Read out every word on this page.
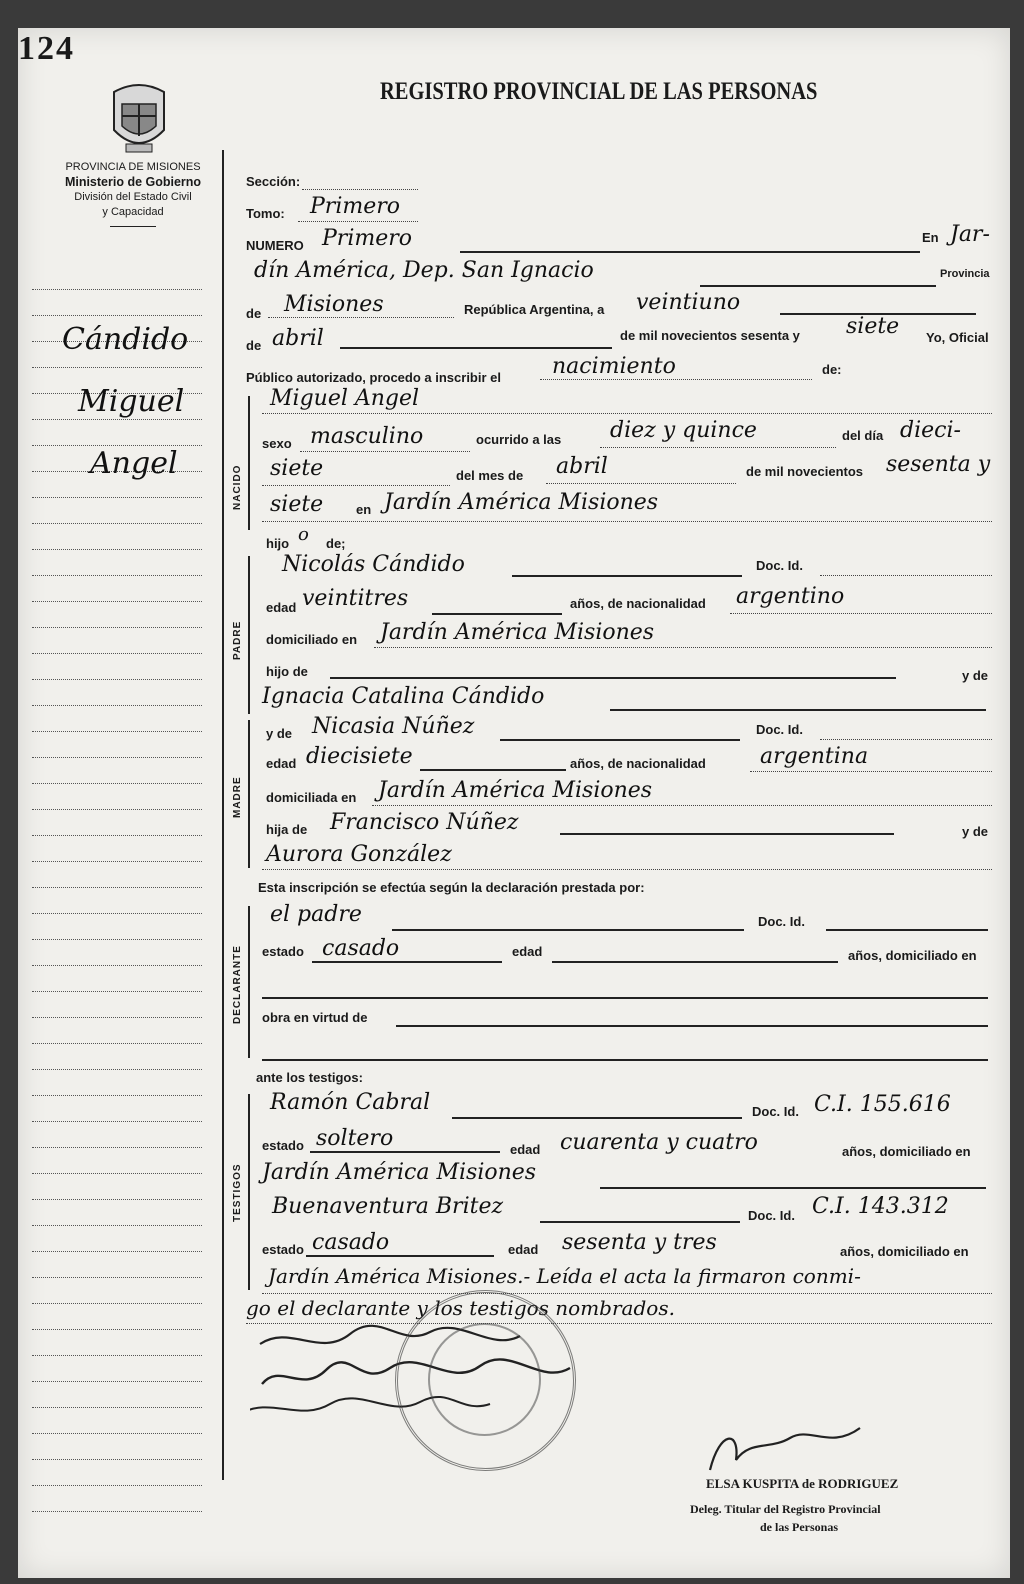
124
REGISTRO PROVINCIAL DE LAS PERSONAS
PROVINCIA DE MISIONES
Ministerio de Gobierno
División del Estado Civil
y Capacidad
Cándido
Miguel
Angel
Sección:
Tomo: Primero
NUMERO Primero	En Jar-
dín América, Dep. San Ignacio	Provincia
de Misiones	República Argentina, a veintiuno
de abril	de mil novecientos sesenta y siete Yo, Oficial
Público autorizado, procedo a inscribir el nacimiento	de:
NACIDO
Miguel Angel
sexo masculino	ocurrido a las diez y quince	del día dieci-
siete	del mes de abril	de mil novecientos sesenta y
siete	en Jardín América Misiones
hijo o de;
PADRE
Nicolás Cándido	Doc. Id.
edad veintitres	años, de nacionalidad argentino
domiciliado en Jardín América Misiones
hijo de	y de
Ignacia Catalina Cándido
MADRE
y de Nicasia Núñez	Doc. Id.
edad diecisiete	años, de nacionalidad argentina
domiciliada en Jardín América Misiones
hija de Francisco Núñez	y de
Aurora González
Esta inscripción se efectúa según la declaración prestada por:
DECLARANTE
el padre	Doc. Id.
estado casado	edad	años, domiciliado en
obra en virtud de
ante los testigos:
TESTIGOS
Ramón Cabral	Doc. Id. C.I. 155.616
estado soltero	edad cuarenta y cuatro	años, domiciliado en
Jardín América Misiones
Buenaventura Britez	Doc. Id. C.I. 143.312
estado casado	edad sesenta y tres	años, domiciliado en
Jardín América Misiones.- Leída el acta la firmaron conmi-
go el declarante y los testigos nombrados.
ELSA KUSPITA de RODRIGUEZ
Deleg. Titular del Registro Provincial
de las Personas
